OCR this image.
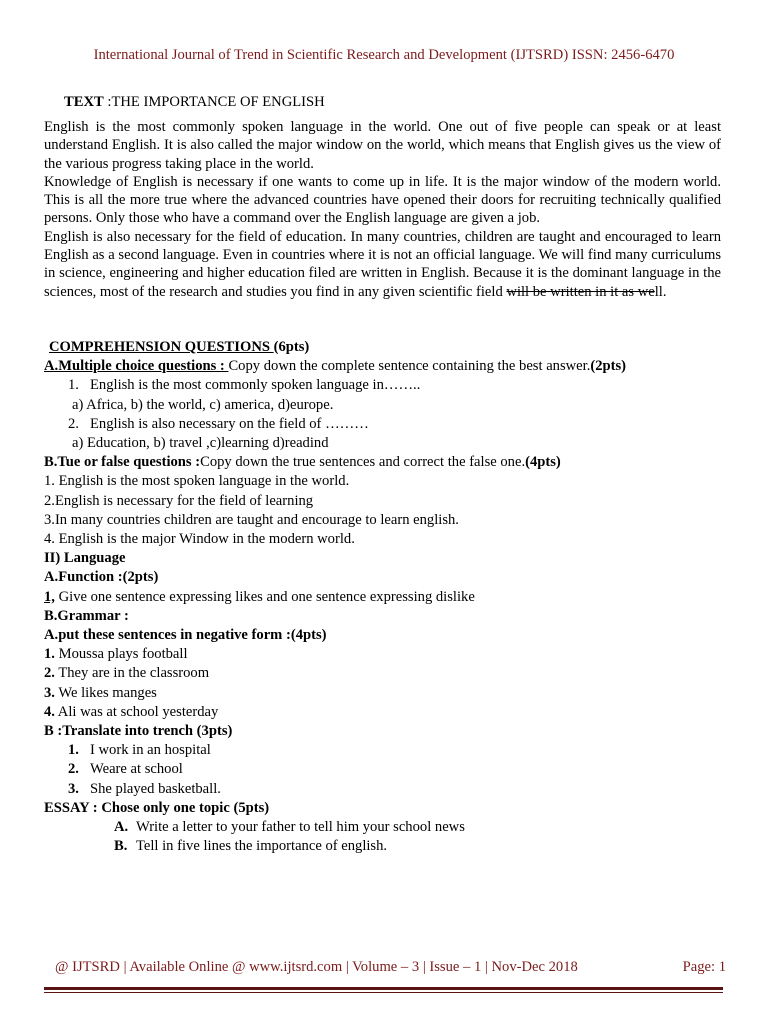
International Journal of Trend in Scientific Research and Development (IJTSRD) ISSN: 2456-6470
TEXT :THE IMPORTANCE OF ENGLISH

English is the most commonly spoken language in the world. One out of five people can speak or at least understand English. It is also called the major window on the world, which means that English gives us the view of the various progress taking place in the world.

Knowledge of English is necessary if one wants to come up in life. It is the major window of the modern world. This is all the more true where the advanced countries have opened their doors for recruiting technically qualified persons. Only those who have a command over the English language are given a job.

English is also necessary for the field of education. In many countries, children are taught and encouraged to learn English as a second language. Even in countries where it is not an official language. We will find many curriculums in science, engineering and higher education filed are written in English. Because it is the dominant language in the sciences, most of the research and studies you find in any given scientific field will be written in it as well.

COMPREHENSION QUESTIONS (6pts)
A.Multiple choice questions : Copy down the complete sentence containing the best answer.(2pts)
1. English is the most commonly spoken language in……..
a) Africa, b) the world, c) america, d)europe.
2. English is also necessary on the field of ………
a) Education, b) travel ,c)learning d)readind
B.Tue or false questions :Copy down the true sentences and correct the false one.(4pts)
1. English is the most spoken language in the world.
2.English is necessary for the field of learning
3.In many countries children are taught and encourage to learn english.
4. English is the major Window in the modern world.
II) Language
A.Function :(2pts)
1, Give one sentence expressing likes and one sentence expressing dislike
B.Grammar :
A.put these sentences in negative form :(4pts)
1. Moussa plays football
2. They are in the classroom
3. We likes manges
4. Ali was at school yesterday
B :Translate into trench (3pts)
1. I work in an hospital
2. Weare at school
3. She played basketball.
ESSAY : Chose only one topic (5pts)
A. Write a letter to your father to tell him your school news
B. Tell in five lines the importance of english.
@ IJTSRD | Available Online @ www.ijtsrd.com | Volume – 3 | Issue – 1 | Nov-Dec 2018	Page: 1
